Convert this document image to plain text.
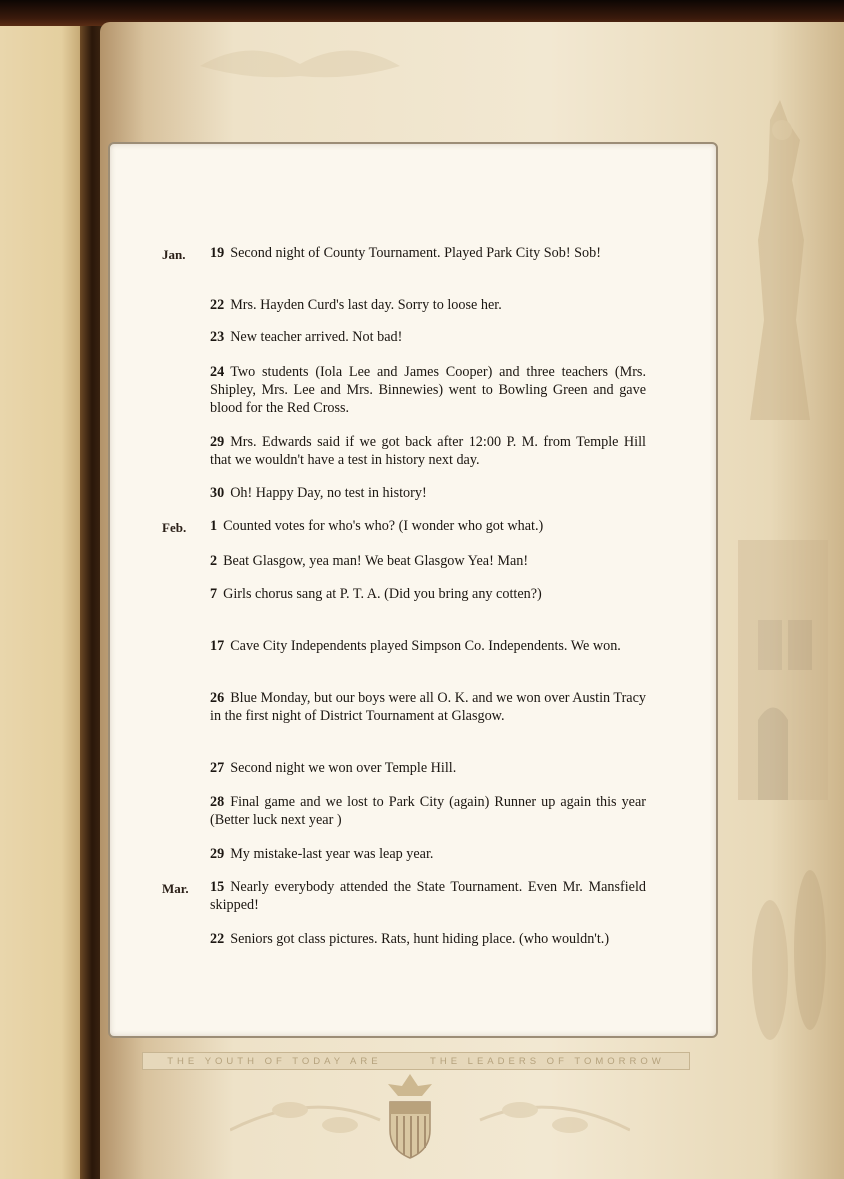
Jan. 19 Second night of County Tournament. Played Park City Sob! Sob!
22 Mrs. Hayden Curd's last day. Sorry to loose her.
23 New teacher arrived. Not bad!
24 Two students (Iola Lee and James Cooper) and three teachers (Mrs. Shipley, Mrs. Lee and Mrs. Binnewies) went to Bowling Green and gave blood for the Red Cross.
29 Mrs. Edwards said if we got back after 12:00 P. M. from Temple Hill that we wouldn't have a test in history next day.
30 Oh! Happy Day, no test in history!
Feb. 1 Counted votes for who's who? (I wonder who got what.)
2 Beat Glasgow, yea man! We beat Glasgow Yea! Man!
7 Girls chorus sang at P. T. A. (Did you bring any cotten?)
17 Cave City Independents played Simpson Co. Independents. We won.
26 Blue Monday, but our boys were all O. K. and we won over Austin Tracy in the first night of District Tournament at Glasgow.
27 Second night we won over Temple Hill.
28 Final game and we lost to Park City (again) Runner up again this year (Better luck next year )
29 My mistake-last year was leap year.
Mar. 15 Nearly everybody attended the State Tournament. Even Mr. Mansfield skipped!
22 Seniors got class pictures. Rats, hunt hiding place. (who wouldn't.)
THE YOUTH OF TODAY ARE	THE LEADERS OF TOMORROW
